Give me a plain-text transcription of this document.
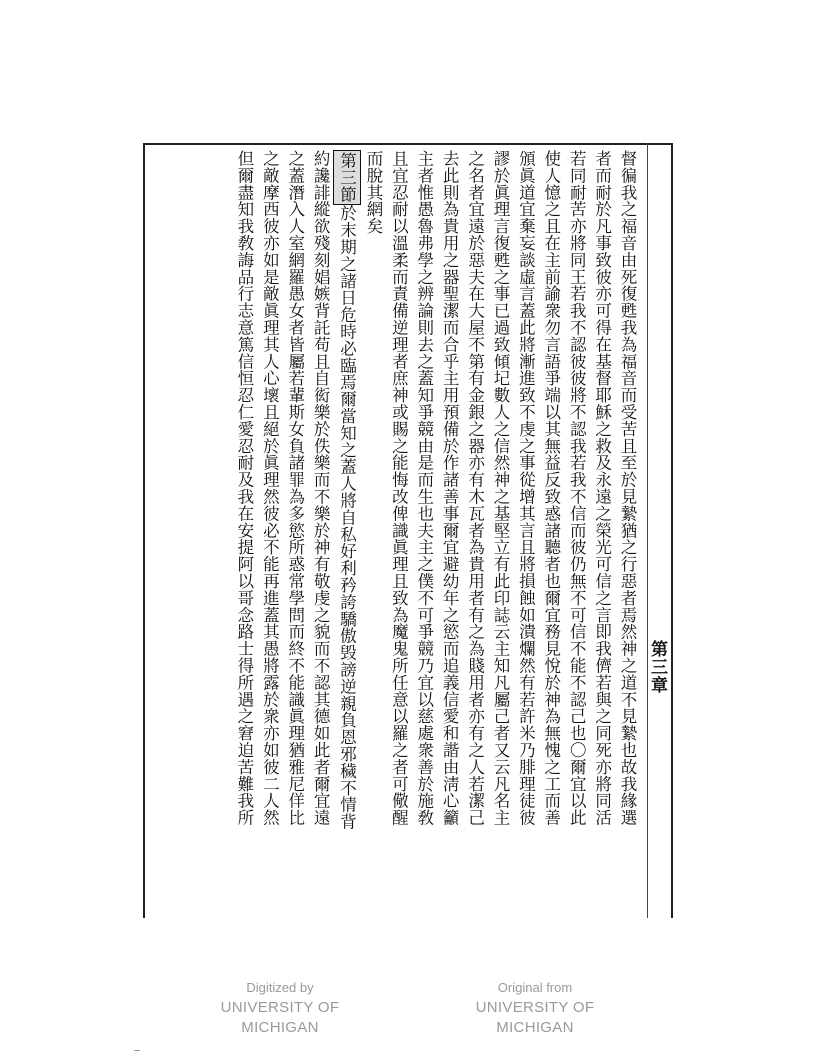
第三章
督徧我之福音由死復甦我為福音而受苦且至於見縶猶之行惡者焉然神之道不見縶也故我緣選
者而耐於凡事致彼亦可得在基督耶穌之救及永遠之榮光可信之言即我儕若與之同死亦將同活
若同耐苦亦將同王若我不認彼彼將不認我若我不信而彼仍無不可信不能不認己也〇爾宜以此
使人憶之且在主前諭衆勿言語爭端以其無益反致惑諸聽者也爾宜務見悅於神為無愧之工而善
頒眞道宜棄妄談虛言蓋此將漸進致不虔之事從增其言且將損蝕如潰爛然有若許米乃腓理徒彼
謬於眞理言復甦之事已過致傾圮數人之信然神之基堅立有此印誌云主知凡屬己者又云凡名主
之名者宜遠於惡夫在大屋不第有金銀之器亦有木瓦者為貴用者有之為賤用者亦有之人若潔己
去此則為貴用之器聖潔而合乎主用預備於作諸善事爾宜避幼年之慾而追義信愛和諧由淸心籲
主者惟愚魯弗學之辨論則去之蓋知爭競由是而生也夫主之僕不可爭競乃宜以慈處衆善於施敎
且宜忍耐以溫柔而責備逆理者庶神或賜之能悔改俾識眞理且致為魔鬼所任意以羅之者可儆醒
而脫其網矣
第三節於末期之諸日危時必臨焉爾當知之蓋人將自私好利矜誇驕傲毁謗逆親負恩邪穢不情背
約讒誹縱欲殘刻娼嫉背託苟且自衒樂於佚樂而不樂於神有敬虔之貌而不認其德如此者爾宜遠
之蓋潛入人室網羅愚女者皆屬若輩斯女負諸罪為多慾所惑常學問而終不能識眞理猶雅尼佯比
之敵摩西彼亦如是敵眞理其人心壞且絕於眞理然彼必不能再進蓋其愚將露於衆亦如彼二人然
但爾盡知我敎誨品行志意篤信恒忍仁愛忍耐及我在安提阿以哥念路士得所遇之窘迫苦難我所
Digitized by
UNIVERSITY OF MICHIGAN
Original from
UNIVERSITY OF MICHIGAN
